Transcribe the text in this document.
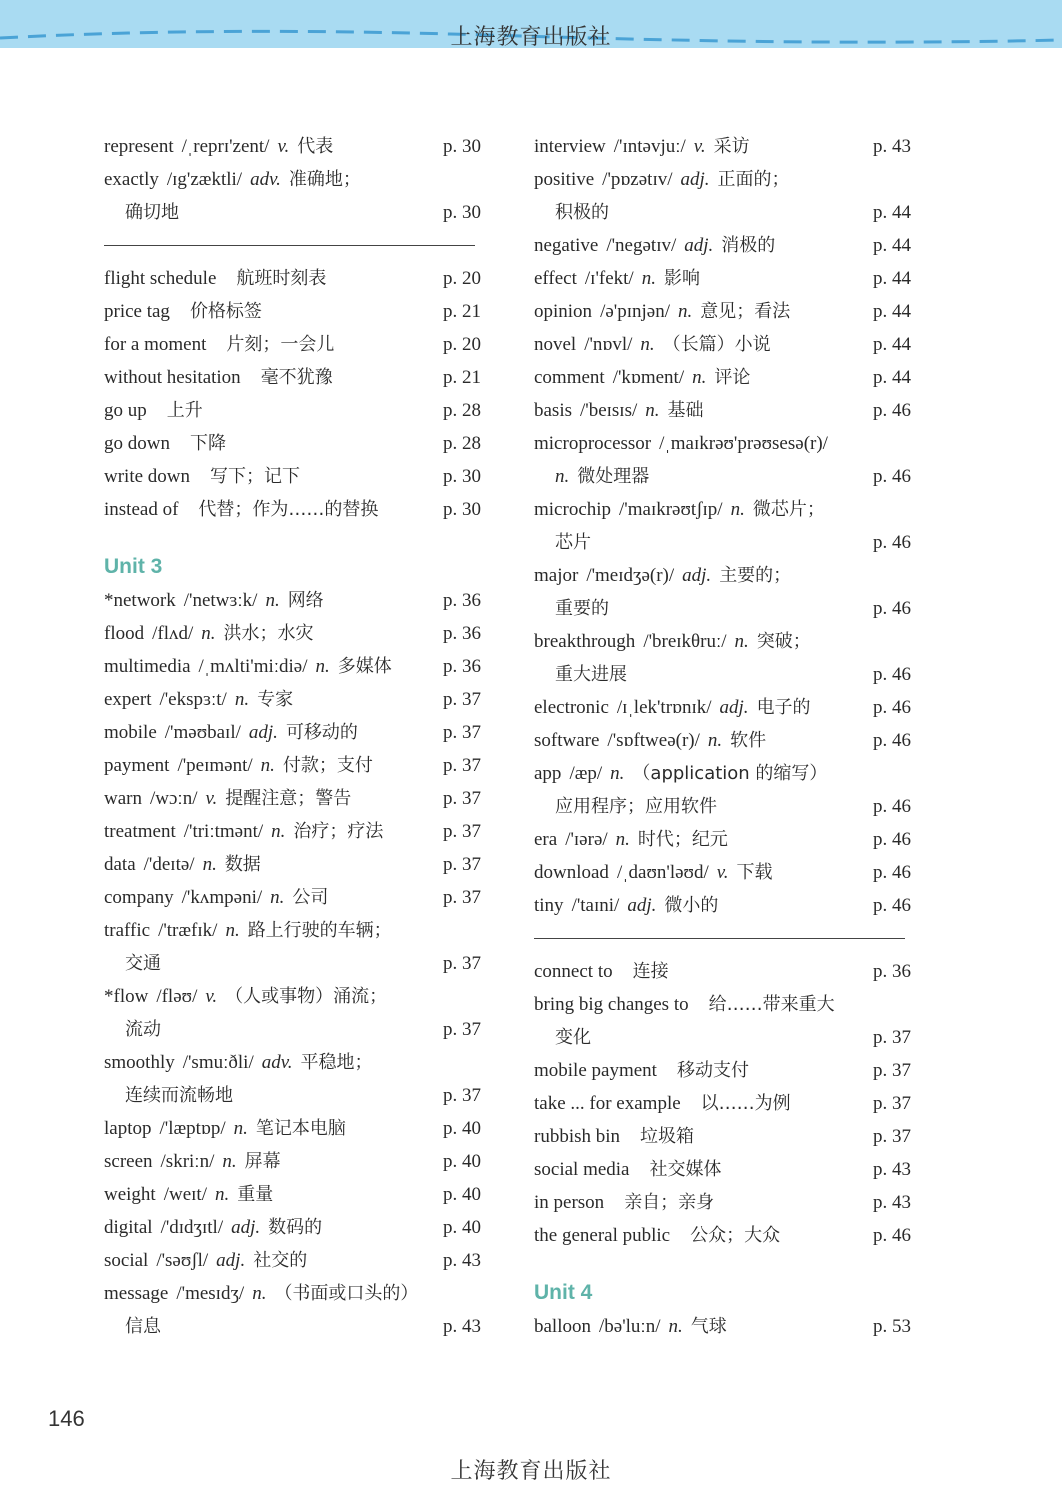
上海教育出版社
represent /ˌreprɪ'zent/ v. 代表	p. 30
exactly /ɪg'zæktli/ adv. 准确地；
确切地	p. 30
flight schedule 航班时刻表	p. 20
price tag 价格标签	p. 21
for a moment 片刻；一会儿	p. 20
without hesitation 毫不犹豫	p. 21
go up 上升	p. 28
go down 下降	p. 28
write down 写下；记下	p. 30
instead of 代替；作为……的替换	p. 30
Unit 3
*network /'netwɜːk/ n. 网络	p. 36
flood /flʌd/ n. 洪水；水灾	p. 36
multimedia /ˌmʌlti'miːdiə/ n. 多媒体	p. 36
expert /'ekspɜːt/ n. 专家	p. 37
mobile /'məʊbaɪl/ adj. 可移动的	p. 37
payment /'peɪmənt/ n. 付款；支付	p. 37
warn /wɔːn/ v. 提醒注意；警告	p. 37
treatment /'triːtmənt/ n. 治疗；疗法	p. 37
data /'deɪtə/ n. 数据	p. 37
company /'kʌmpəni/ n. 公司	p. 37
traffic /'træfɪk/ n. 路上行驶的车辆；
交通	p. 37
*flow /fləʊ/ v. （人或事物）涌流；
流动	p. 37
smoothly /'smuːðli/ adv. 平稳地；
连续而流畅地	p. 37
laptop /'læptɒp/ n. 笔记本电脑	p. 40
screen /skriːn/ n. 屏幕	p. 40
weight /weɪt/ n. 重量	p. 40
digital /'dɪdʒɪtl/ adj. 数码的	p. 40
social /'səʊʃl/ adj. 社交的	p. 43
message /'mesɪdʒ/ n. （书面或口头的）
信息	p. 43
interview /'ɪntəvjuː/ v. 采访	p. 43
positive /'pɒzətɪv/ adj. 正面的；
积极的	p. 44
negative /'negətɪv/ adj. 消极的	p. 44
effect /ɪ'fekt/ n. 影响	p. 44
opinion /ə'pɪnjən/ n. 意见；看法	p. 44
novel /'nɒvl/ n. （长篇）小说	p. 44
comment /'kɒment/ n. 评论	p. 44
basis /'beɪsɪs/ n. 基础	p. 46
microprocessor /ˌmaɪkrəʊ'prəʊsesə(r)/
n. 微处理器	p. 46
microchip /'maɪkrəʊtʃɪp/ n. 微芯片；
芯片	p. 46
major /'meɪdʒə(r)/ adj. 主要的；
重要的	p. 46
breakthrough /'breɪkθruː/ n. 突破；
重大进展	p. 46
electronic /ɪˌlek'trɒnɪk/ adj. 电子的	p. 46
software /'sɒftweə(r)/ n. 软件	p. 46
app /æp/ n. （application 的缩写）
应用程序；应用软件	p. 46
era /'ɪərə/ n. 时代；纪元	p. 46
download /ˌdaʊn'ləʊd/ v. 下载	p. 46
tiny /'taɪni/ adj. 微小的	p. 46
connect to 连接	p. 36
bring big changes to 给……带来重大
变化	p. 37
mobile payment 移动支付	p. 37
take ... for example 以……为例	p. 37
rubbish bin 垃圾箱	p. 37
social media 社交媒体	p. 43
in person 亲自；亲身	p. 43
the general public 公众；大众	p. 46
Unit 4
balloon /bə'luːn/ n. 气球	p. 53
146
上海教育出版社
